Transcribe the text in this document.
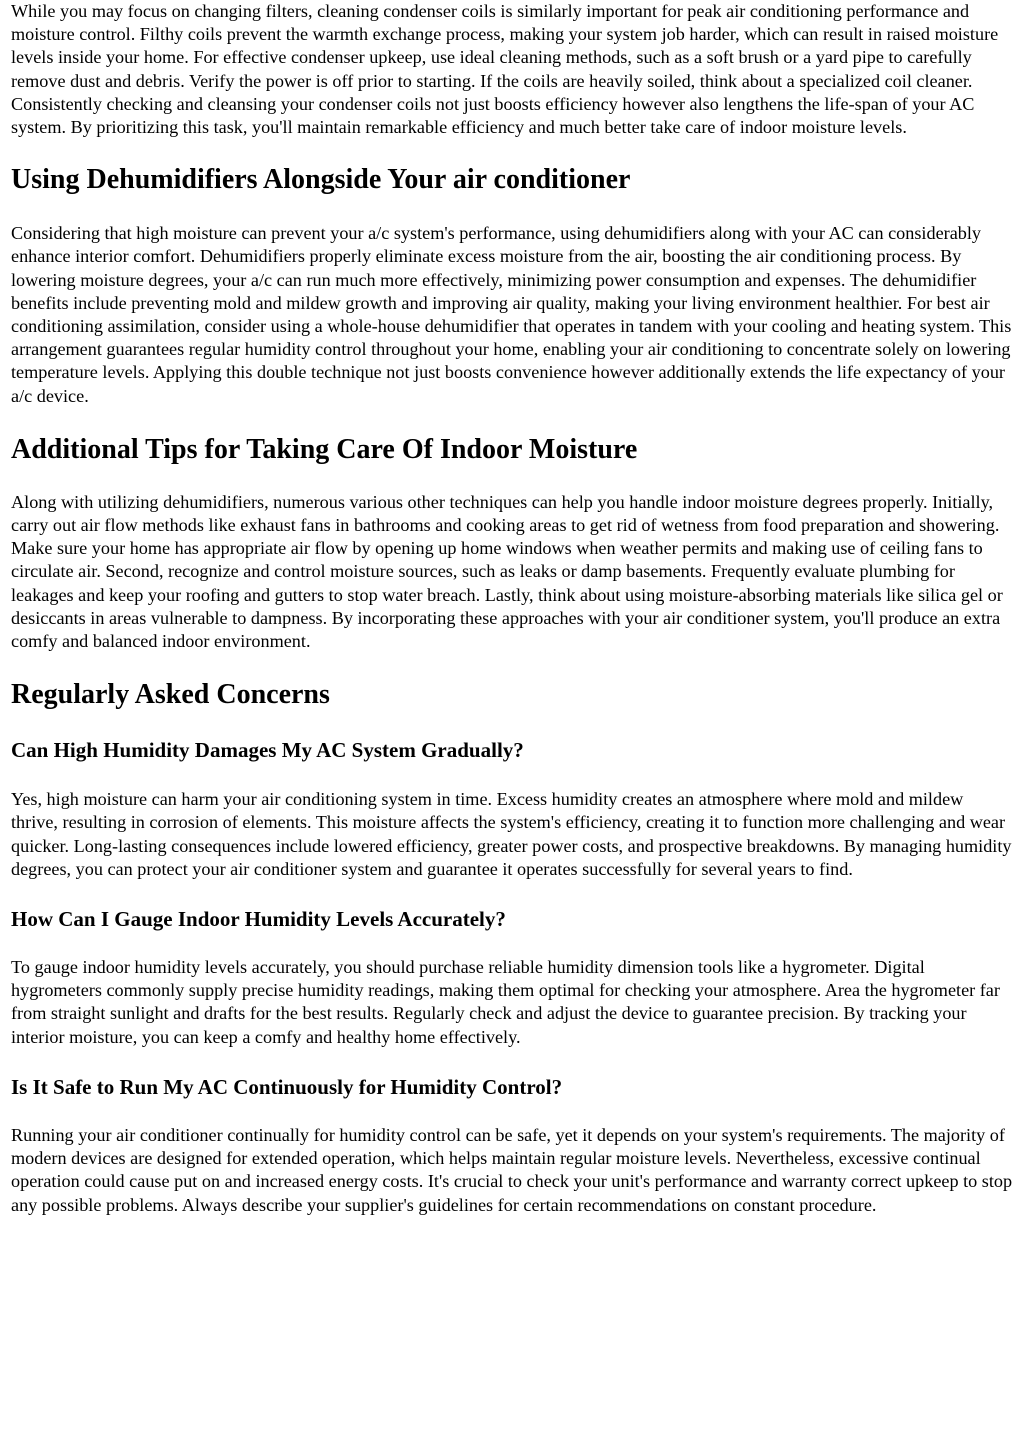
While you may focus on changing filters, cleaning condenser coils is similarly important for peak air conditioning performance and moisture control. Filthy coils prevent the warmth exchange process, making your system job harder, which can result in raised moisture levels inside your home. For effective condenser upkeep, use ideal cleaning methods, such as a soft brush or a yard pipe to carefully remove dust and debris. Verify the power is off prior to starting. If the coils are heavily soiled, think about a specialized coil cleaner. Consistently checking and cleansing your condenser coils not just boosts efficiency however also lengthens the life-span of your AC system. By prioritizing this task, you'll maintain remarkable efficiency and much better take care of indoor moisture levels.

Using Dehumidifiers Alongside Your air conditioner

Considering that high moisture can prevent your a/c system's performance, using dehumidifiers along with your AC can considerably enhance interior comfort. Dehumidifiers properly eliminate excess moisture from the air, boosting the air conditioning process. By lowering moisture degrees, your a/c can run much more effectively, minimizing power consumption and expenses. The dehumidifier benefits include preventing mold and mildew growth and improving air quality, making your living environment healthier. For best air conditioning assimilation, consider using a whole-house dehumidifier that operates in tandem with your cooling and heating system. This arrangement guarantees regular humidity control throughout your home, enabling your air conditioning to concentrate solely on lowering temperature levels. Applying this double technique not just boosts convenience however additionally extends the life expectancy of your a/c device.

Additional Tips for Taking Care Of Indoor Moisture

Along with utilizing dehumidifiers, numerous various other techniques can help you handle indoor moisture degrees properly. Initially, carry out air flow methods like exhaust fans in bathrooms and cooking areas to get rid of wetness from food preparation and showering. Make sure your home has appropriate air flow by opening up home windows when weather permits and making use of ceiling fans to circulate air. Second, recognize and control moisture sources, such as leaks or damp basements. Frequently evaluate plumbing for leakages and keep your roofing and gutters to stop water breach. Lastly, think about using moisture-absorbing materials like silica gel or desiccants in areas vulnerable to dampness. By incorporating these approaches with your air conditioner system, you'll produce an extra comfy and balanced indoor environment.

Regularly Asked Concerns
Can High Humidity Damages My AC System Gradually?

Yes, high moisture can harm your air conditioning system in time. Excess humidity creates an atmosphere where mold and mildew thrive, resulting in corrosion of elements. This moisture affects the system's efficiency, creating it to function more challenging and wear quicker. Long-lasting consequences include lowered efficiency, greater power costs, and prospective breakdowns. By managing humidity degrees, you can protect your air conditioner system and guarantee it operates successfully for several years to find.

How Can I Gauge Indoor Humidity Levels Accurately?

To gauge indoor humidity levels accurately, you should purchase reliable humidity dimension tools like a hygrometer. Digital hygrometers commonly supply precise humidity readings, making them optimal for checking your atmosphere. Area the hygrometer far from straight sunlight and drafts for the best results. Regularly check and adjust the device to guarantee precision. By tracking your interior moisture, you can keep a comfy and healthy home effectively.

Is It Safe to Run My AC Continuously for Humidity Control?

Running your air conditioner continually for humidity control can be safe, yet it depends on your system's requirements. The majority of modern devices are designed for extended operation, which helps maintain regular moisture levels. Nevertheless, excessive continual operation could cause put on and increased energy costs. It's crucial to check your unit's performance and warranty correct upkeep to stop any possible problems. Always describe your supplier's guidelines for certain recommendations on constant procedure.
